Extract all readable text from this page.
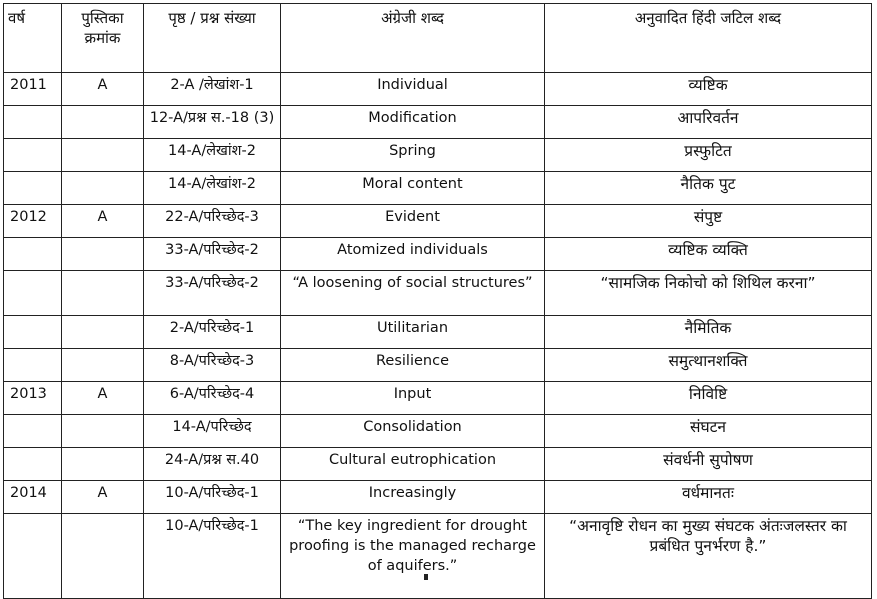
वर्ष	पुस्तिका क्रमांक	पृष्ठ / प्रश्न संख्या	अंग्रेजी शब्द	अनुवादित हिंदी जटिल शब्द
2011	A	2-A /लेखांश-1	Individual	व्यष्टिक
		12-A/प्रश्न स.-18 (3)	Modification	आपरिवर्तन
		14-A/लेखांश-2	Spring	प्रस्फुटित
		14-A/लेखांश-2	Moral content	नैतिक पुट
2012	A	22-A/परिच्छेद-3	Evident	संपुष्ट
		33-A/परिच्छेद-2	Atomized individuals	व्यष्टिक व्यक्ति
		33-A/परिच्छेद-2	“A loosening of social structures”	“सामजिक निकोचो को शिथिल करना”
		2-A/परिच्छेद-1	Utilitarian	नैमितिक
		8-A/परिच्छेद-3	Resilience	समुत्थानशक्ति
2013	A	6-A/परिच्छेद-4	Input	निविष्टि
		14-A/परिच्छेद	Consolidation	संघटन
		24-A/प्रश्न स.40	Cultural eutrophication	संवर्धनी सुपोषण
2014	A	10-A/परिच्छेद-1	Increasingly	वर्धमानतः
		10-A/परिच्छेद-1	“The key ingredient for drought proofing is the managed recharge of aquifers.”	“अनावृष्टि रोधन का मुख्य संघटक अंतःजलस्तर का प्रबंधित पुनर्भरण है.”
